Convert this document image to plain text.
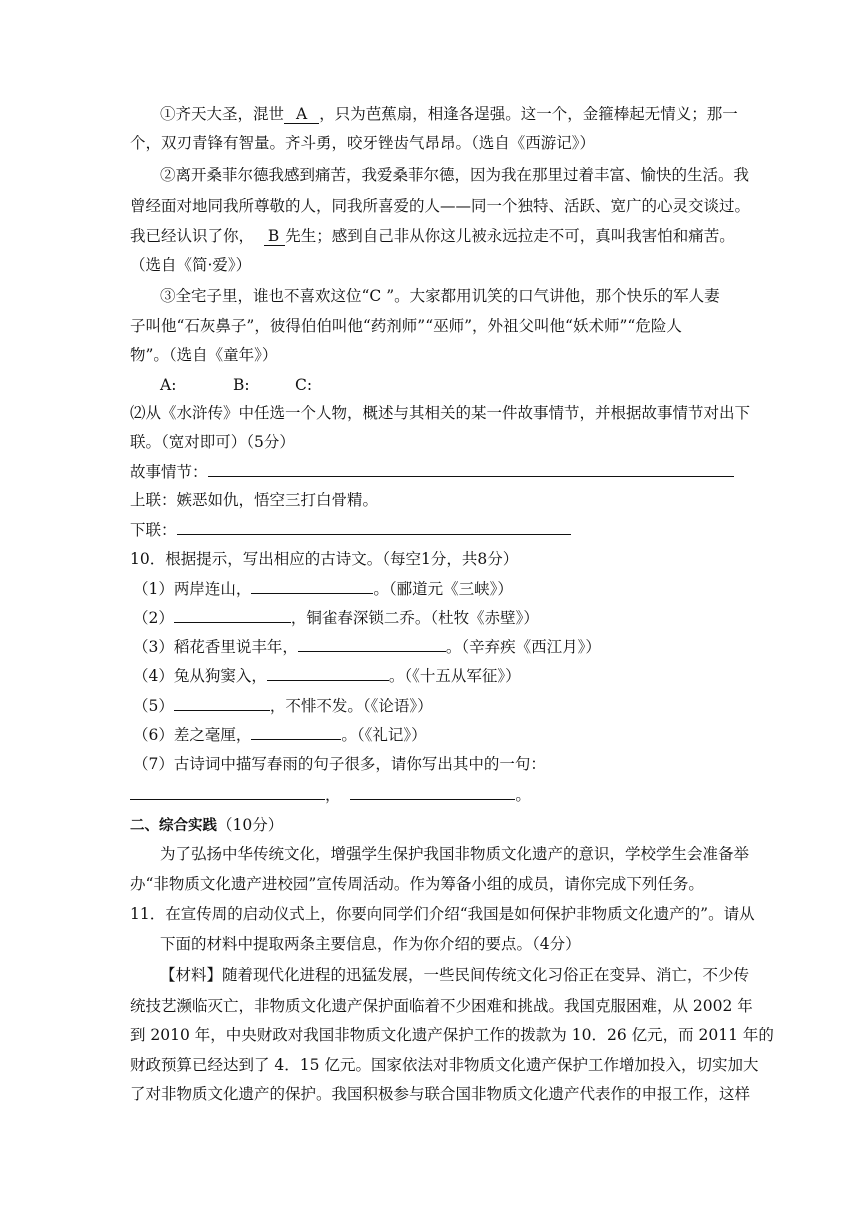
①齐天大圣，混世 A ，只为芭蕉扇，相逢各逞强。这一个，金箍棒起无情义；那一
个，双刃青锋有智量。齐斗勇，咬牙锉齿气昂昂。（选自《西游记》）
②离开桑菲尔德我感到痛苦，我爱桑菲尔德，因为我在那里过着丰富、愉快的生活。我
曾经面对地同我所尊敬的人，同我所喜爱的人——同一个独特、活跃、宽广的心灵交谈过。
我已经认识了你， B 先生；感到自己非从你这儿被永远拉走不可，真叫我害怕和痛苦。
（选自《简·爱》）
③全宅子里，谁也不喜欢这位“C ”。大家都用讥笑的口气讲他，那个快乐的军人妻
子叫他“石灰鼻子”，彼得伯伯叫他“药剂师”“巫师”，外祖父叫他“妖术师”“危险人
物”。（选自《童年》）
A:	B:	C:
⑵从《水浒传》中任选一个人物，概述与其相关的某一件故事情节，并根据故事情节对出下
联。（宽对即可）（5分）
故事情节：
上联：嫉恶如仇，悟空三打白骨精。
下联：
10．根据提示，写出相应的古诗文。（每空1分，共8分）
（1）两岸连山，	。（郦道元《三峡》）
（2）	，铜雀春深锁二乔。（杜牧《赤壁》）
（3）稻花香里说丰年，	。（辛弃疾《西江月》）
（4）兔从狗窦入，	。（《十五从军征》）
（5）	，不悱不发。（《论语》）
（6）差之毫厘，	。（《礼记》）
（7）古诗词中描写春雨的句子很多，请你写出其中的一句：
，	。
二、综合实践（10分）
为了弘扬中华传统文化，增强学生保护我国非物质文化遗产的意识，学校学生会准备举
办“非物质文化遗产进校园”宣传周活动。作为筹备小组的成员，请你完成下列任务。
11．在宣传周的启动仪式上，你要向同学们介绍“我国是如何保护非物质文化遗产的”。请从
下面的材料中提取两条主要信息，作为你介绍的要点。（4分）
【材料】随着现代化进程的迅猛发展，一些民间传统文化习俗正在变异、消亡，不少传
统技艺濒临灭亡，非物质文化遗产保护面临着不少困难和挑战。我国克服困难，从 2002 年
到 2010 年，中央财政对我国非物质文化遗产保护工作的拨款为 10．26 亿元，而 2011 年的
财政预算已经达到了 4．15 亿元。国家依法对非物质文化遗产保护工作增加投入，切实加大
了对非物质文化遗产的保护。我国积极参与联合国非物质文化遗产代表作的申报工作，这样
